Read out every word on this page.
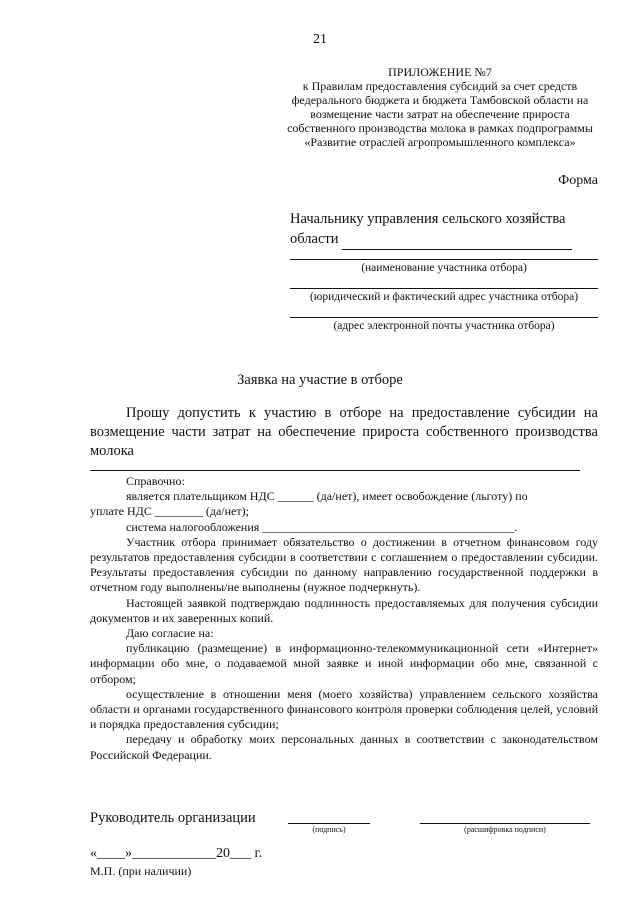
21
ПРИЛОЖЕНИЕ №7
к Правилам предоставления субсидий за счет средств федерального бюджета и бюджета Тамбовской области на возмещение части затрат на обеспечение прироста собственного производства молока в рамках подпрограммы «Развитие отраслей агропромышленного комплекса»
Форма
Начальнику управления сельского хозяйства
области
(наименование участника отбора)
(юридический и фактический адрес участника отбора)
(адрес электронной почты участника отбора)
Заявка на участие в отборе
Прошу допустить к участию в отборе на предоставление субсидии на возмещение части затрат на обеспечение прироста собственного производства молока

Справочно:

является плательщиком НДС ______ (да/нет), имеет освобождение (льготу) по

уплате НДС ________ (да/нет);

система налогообложения __________________________________________.

Участник отбора принимает обязательство о достижении в отчетном финансовом году результатов предоставления субсидии в соответствии с соглашением о предоставлении субсидии. Результаты предоставления субсидии по данному направлению государственной поддержки в отчетном году выполнены/не выполнены (нужное подчеркнуть).

Настоящей заявкой подтверждаю подлинность предоставляемых для получения субсидии документов и их заверенных копий.

Даю согласие на:

публикацию (размещение) в информационно-телекоммуникационной сети «Интернет» информации обо мне, о подаваемой мной заявке и иной информации обо мне, связанной с отбором;

осуществление в отношении меня (моего хозяйства) управлением сельского хозяйства области и органами государственного финансового контроля проверки соблюдения целей, условий и порядка предоставления субсидии;

передачу и обработку моих персональных данных в соответствии с законодательством Российской Федерации.

Руководитель организации
(подпись)	(расшифровка подписи)
«____»____________20___ г.
М.П. (при наличии)
